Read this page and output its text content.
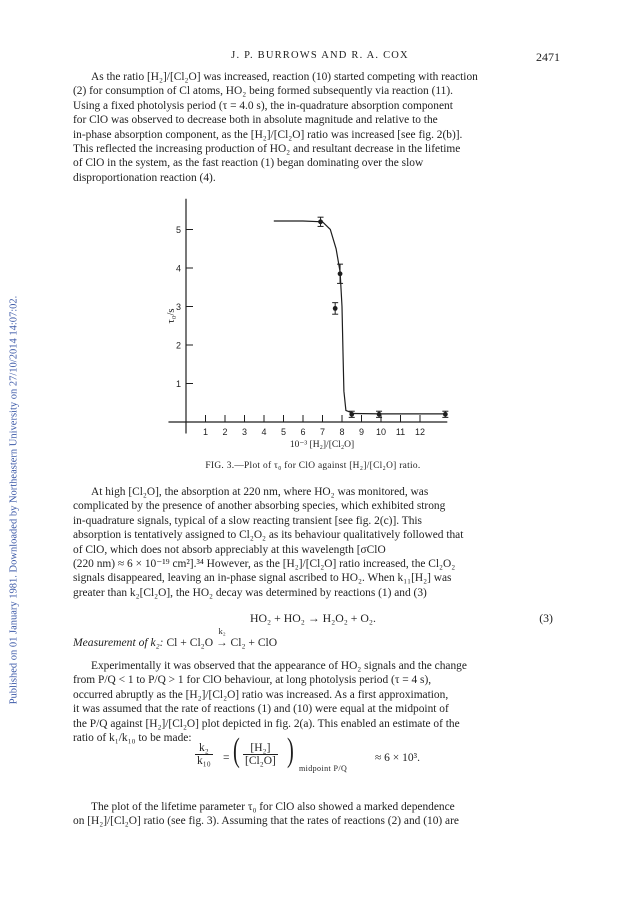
Published on 01 January 1981. Downloaded by Northeastern University on 27/10/2014 14:07:02.
J. P. BURROWS AND R. A. COX	2471
As the ratio [H₂]/[Cl₂O] was increased, reaction (10) started competing with reaction
(2) for consumption of Cl atoms, HO₂ being formed subsequently via reaction (11).
Using a fixed photolysis period (τ = 4.0 s), the in-quadrature absorption component
for ClO was observed to decrease both in absolute magnitude and relative to the
in-phase absorption component, as the [H₂]/[Cl₂O] ratio was increased [see fig. 2(b)].
This reflected the increasing production of HO₂ and resultant decrease in the lifetime
of ClO in the system, as the fast reaction (1) began dominating over the slow
disproportionation reaction (4).
1 2 3 4 5 6 7 8 9 10 11 12
1
2
3
4
5
τ₀/s
10⁻³ [H₂]/[Cl₂O]
FIG. 3.—Plot of τ₀ for ClO against [H₂]/[Cl₂O] ratio.
At high [Cl₂O], the absorption at 220 nm, where HO₂ was monitored, was
complicated by the presence of another absorbing species, which exhibited strong
in-quadrature signals, typical of a slow reacting transient [see fig. 2(c)]. This
absorption is tentatively assigned to Cl₂O₂ as its behaviour qualitatively followed that
of ClO, which does not absorb appreciably at this wavelength [σClO
(220 nm) ≈ 6 × 10⁻¹⁹ cm²].³⁴ However, as the [H₂]/[Cl₂O] ratio increased, the Cl₂O₂
signals disappeared, leaving an in-phase signal ascribed to HO₂. When k₁₁[H₂] was
greater than k₂[Cl₂O], the HO₂ decay was determined by reactions (1) and (3)
HO₂ + HO₂ → H₂O₂ + O₂.	(3)
Measurement of k₂:
k₂
Cl + Cl₂O → Cl₂ + ClO
Experimentally it was observed that the appearance of HO₂ signals and the change
from P/Q < 1 to P/Q > 1 for ClO behaviour, at long photolysis period (τ = 4 s),
occurred abruptly as the [H₂]/[Cl₂O] ratio was increased. As a first approximation,
it was assumed that the rate of reactions (1) and (10) were equal at the midpoint of
the P/Q against [H₂]/[Cl₂O] plot depicted in fig. 2(a). This enabled an estimate of the
ratio of k₁/k₁₀ to be made:
$\frac{\text{k₂}}{\text{k₁₀}}$ = ( $\frac{\text{[H₂]}}{\text{[Cl₂O]}}$ ) midpoint P/Q
≈ 6 × 10³.
The plot of the lifetime parameter τ₀ for ClO also showed a marked dependence
on [H₂]/[Cl₂O] ratio (see fig. 3). Assuming that the rates of reactions (2) and (10) are
